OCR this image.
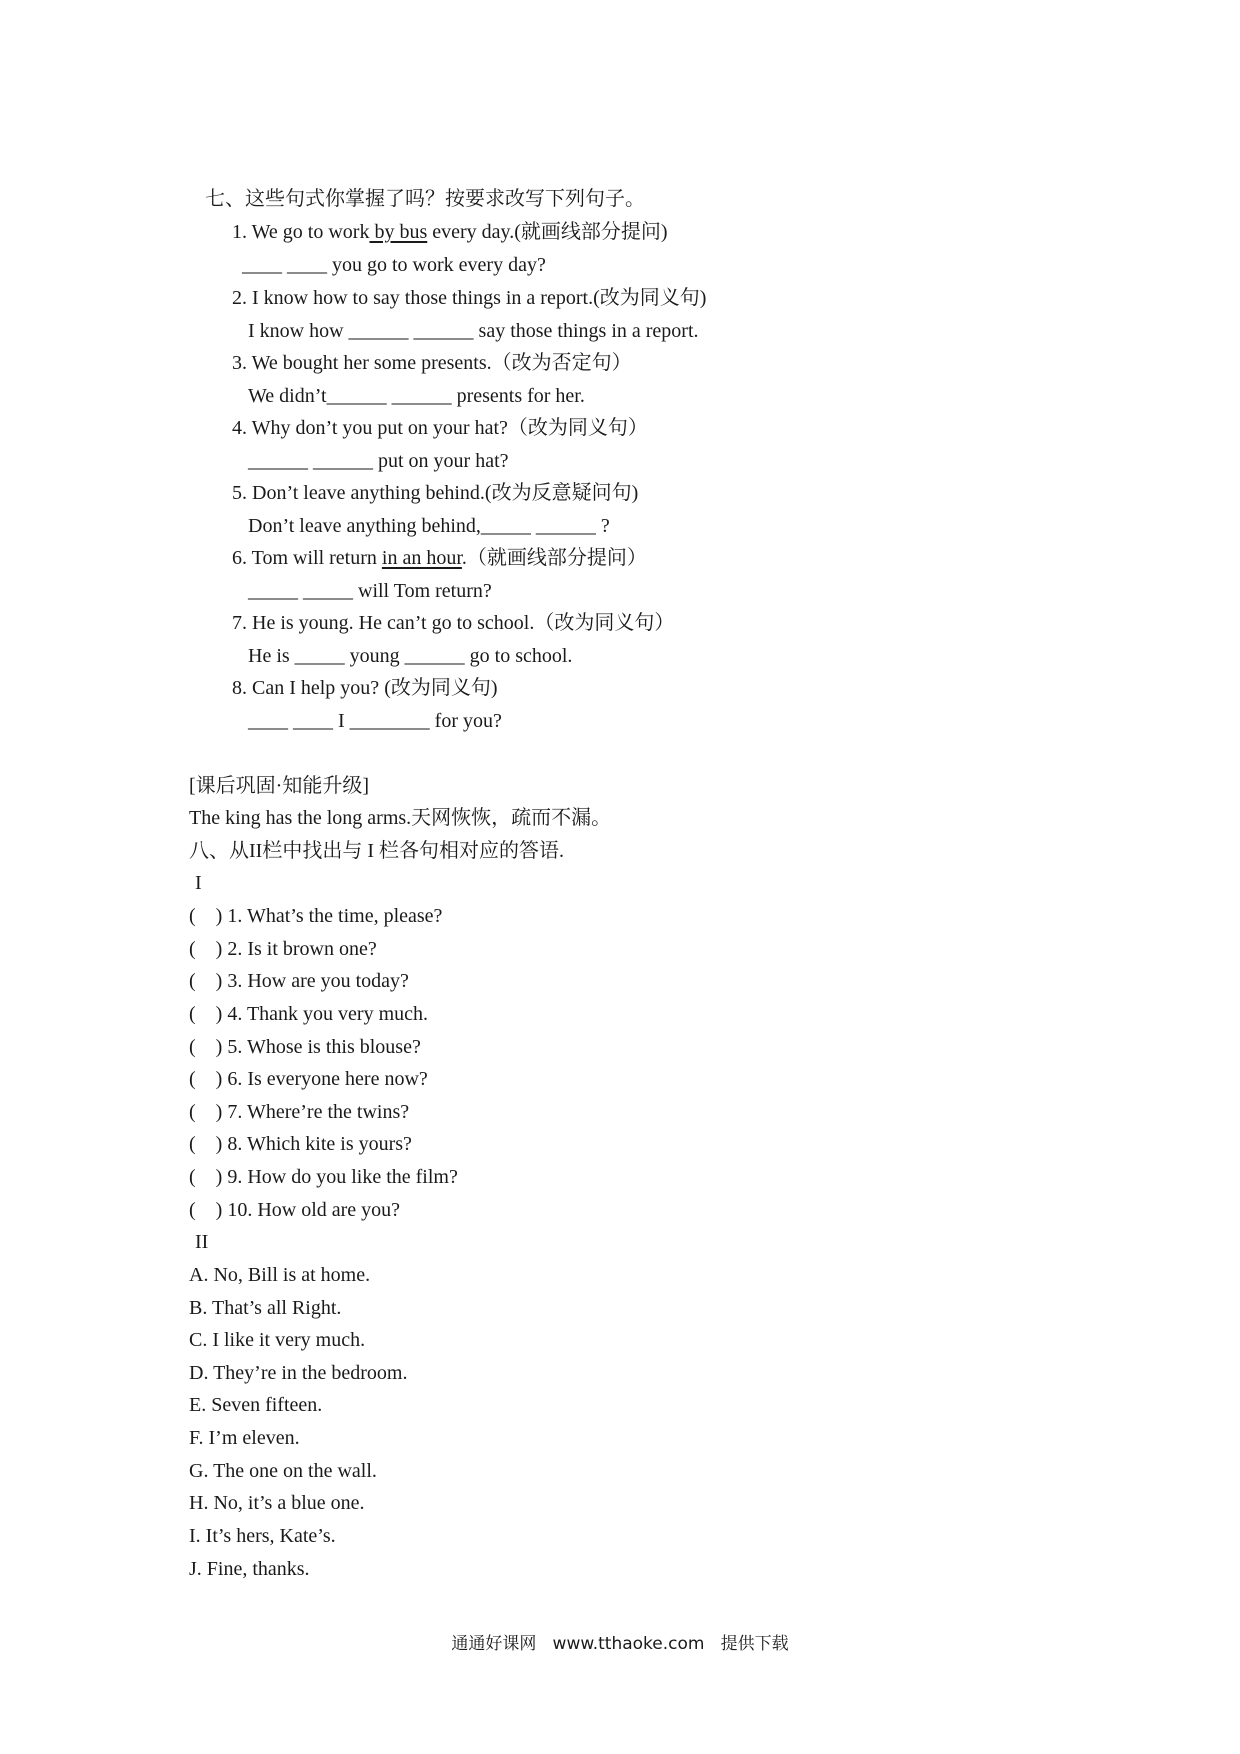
七、这些句式你掌握了吗？按要求改写下列句子。
1. We go to work by bus every day.(就画线部分提问)
____ ____ you go to work every day?
2. I know how to say those things in a report.(改为同义句)
I know how ______ ______ say those things in a report.
3. We bought her some presents.（改为否定句）
We didn’t______ ______ presents for her.
4. Why don’t you put on your hat?（改为同义句）
______ ______ put on your hat?
5. Don’t leave anything behind.(改为反意疑问句)
Don’t leave anything behind,_____ ______ ?
6. Tom will return in an hour.（就画线部分提问）
_____ _____ will Tom return?
7. He is young. He can’t go to school.（改为同义句）
He is _____ young ______ go to school.
8. Can I help you? (改为同义句)
____ ____ I ________ for you?
[课后巩固·知能升级]
The king has the long arms.天网恢恢，疏而不漏。
八、从II栏中找出与 I 栏各句相对应的答语.
I
(    ) 1. What’s the time, please?
(    ) 2. Is it brown one?
(    ) 3. How are you today?
(    ) 4. Thank you very much.
(    ) 5. Whose is this blouse?
(    ) 6. Is everyone here now?
(    ) 7. Where’re the twins?
(    ) 8. Which kite is yours?
(    ) 9. How do you like the film?
(    ) 10. How old are you?
II
A. No, Bill is at home.
B. That’s all Right.
C. I like it very much.
D. They’re in the bedroom.
E. Seven fifteen.
F. I’m eleven.
G. The one on the wall.
H. No, it’s a blue one.
I. It’s hers, Kate’s.
J. Fine, thanks.
通通好课网   www.tthaoke.com   提供下载
